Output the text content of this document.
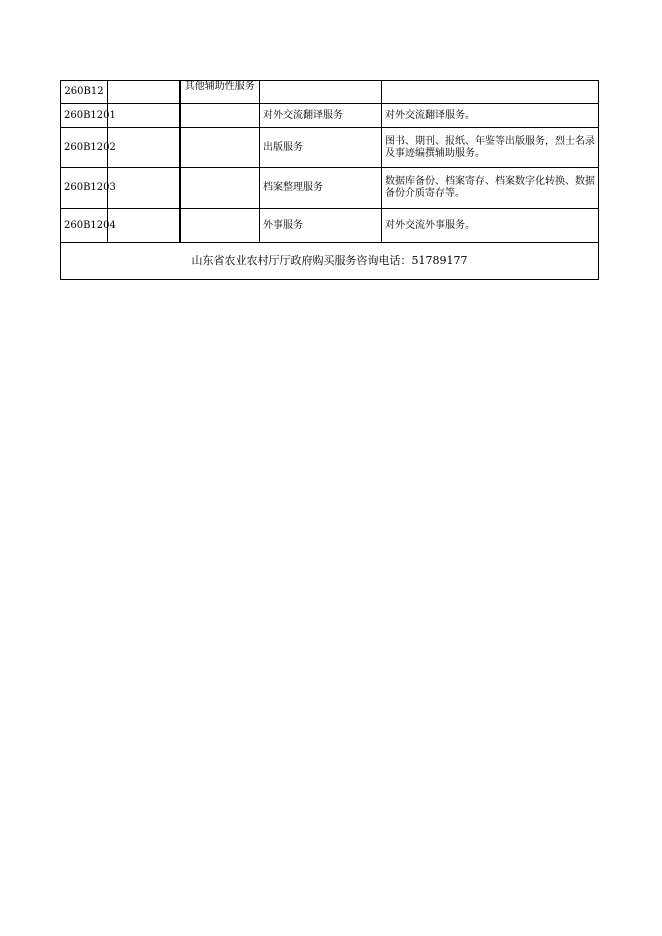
260B12		其他辅助性服务		
260B1201			对外交流翻译服务	对外交流翻译服务。
260B1202			出版服务	图书、期刊、报纸、年鉴等出版服务，烈士名录及事迹编撰辅助服务。
260B1203			档案整理服务	数据库备份、档案寄存、档案数字化转换、数据备份介质寄存等。
260B1204			外事服务	对外交流外事服务。
山东省农业农村厅厅政府购买服务咨询电话：51789177				
